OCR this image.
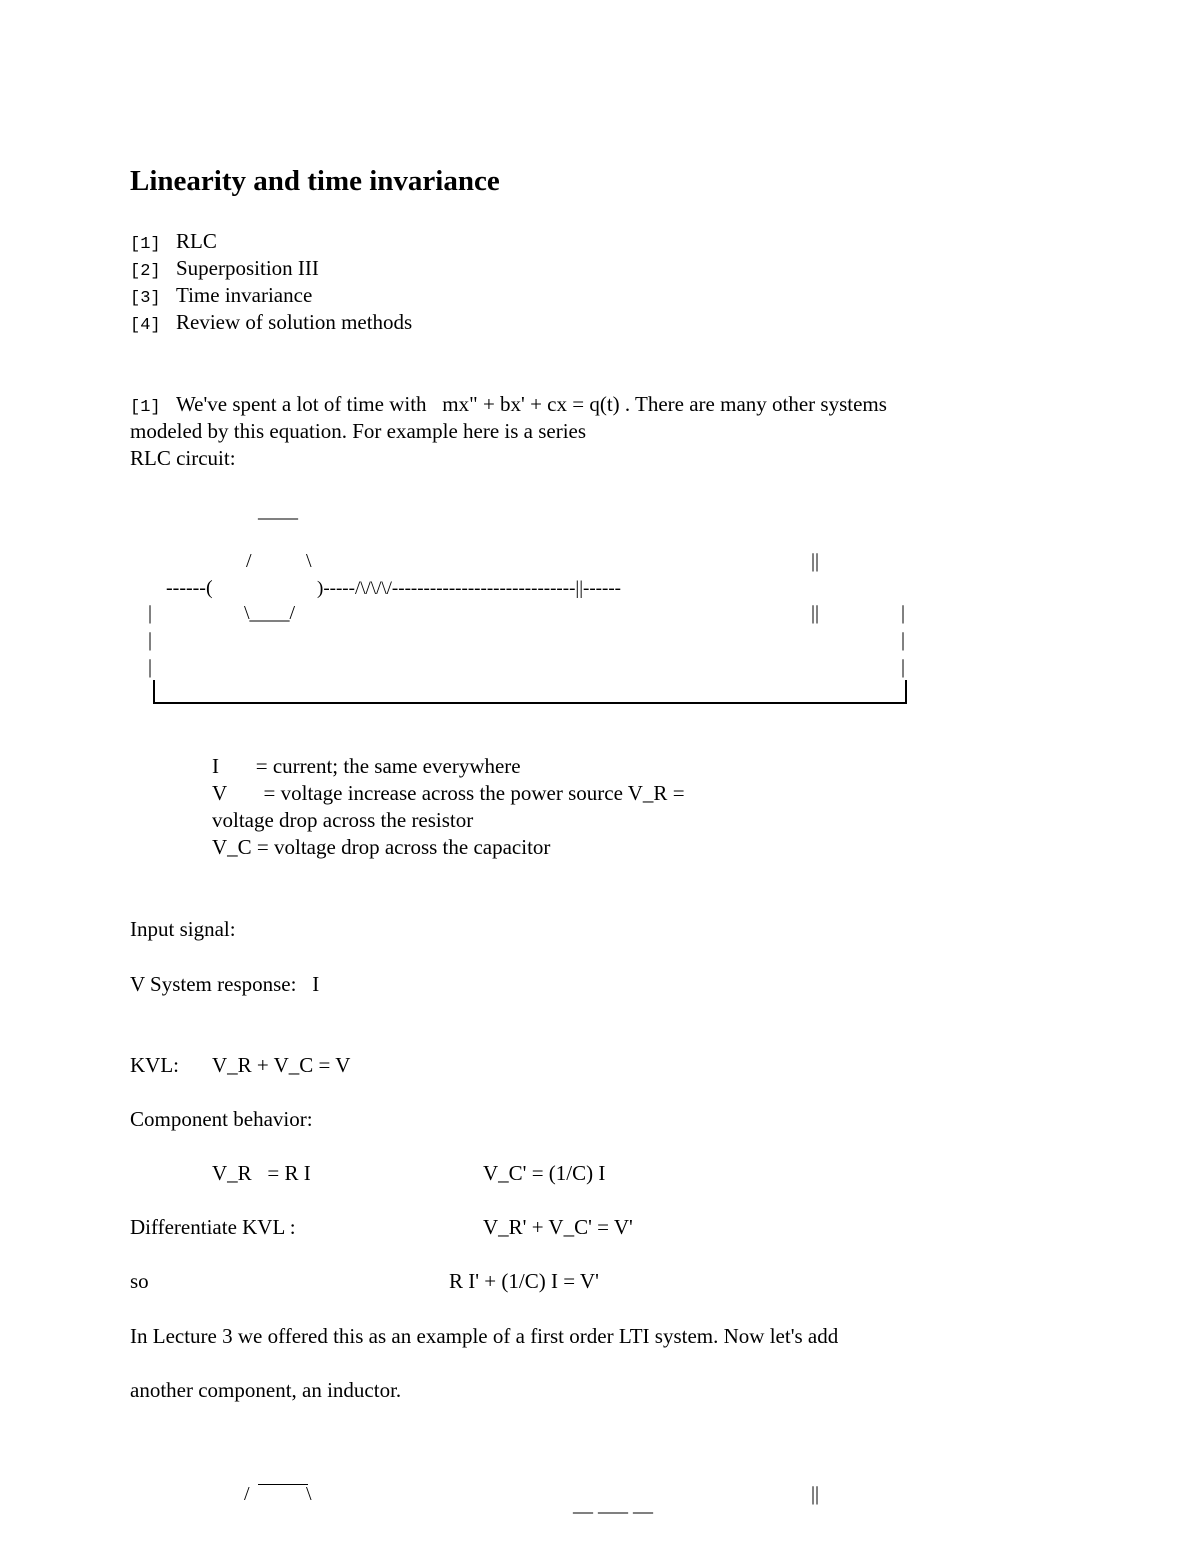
Linearity and time invariance
[1] RLC
[2] Superposition III
[3] Time invariance
[4] Review of solution methods
[1] We've spent a lot of time with   mx" + bx' + cx = q(t) . There are many other systems
modeled by this equation. For example here is a series
RLC circuit:
____
/	\	||
------(	)-----/\/\/\/-----------------------------||------
|	\____/	||	|
|	|
|	|
I       = current; the same everywhere
V       = voltage increase across the power source V_R =
voltage drop across the resistor
V_C = voltage drop across the capacitor
Input signal:
V System response:   I
KVL: V_R + V_C = V
Component behavior:
V_R   = R I	V_C' = (1/C) I
Differentiate KVL :	V_R' + V_C' = V'
so	R I' + (1/C) I = V'
In Lecture 3 we offered this as an example of a first order LTI system. Now let's add
another component, an inductor.
/	\	__ ___ __	||
